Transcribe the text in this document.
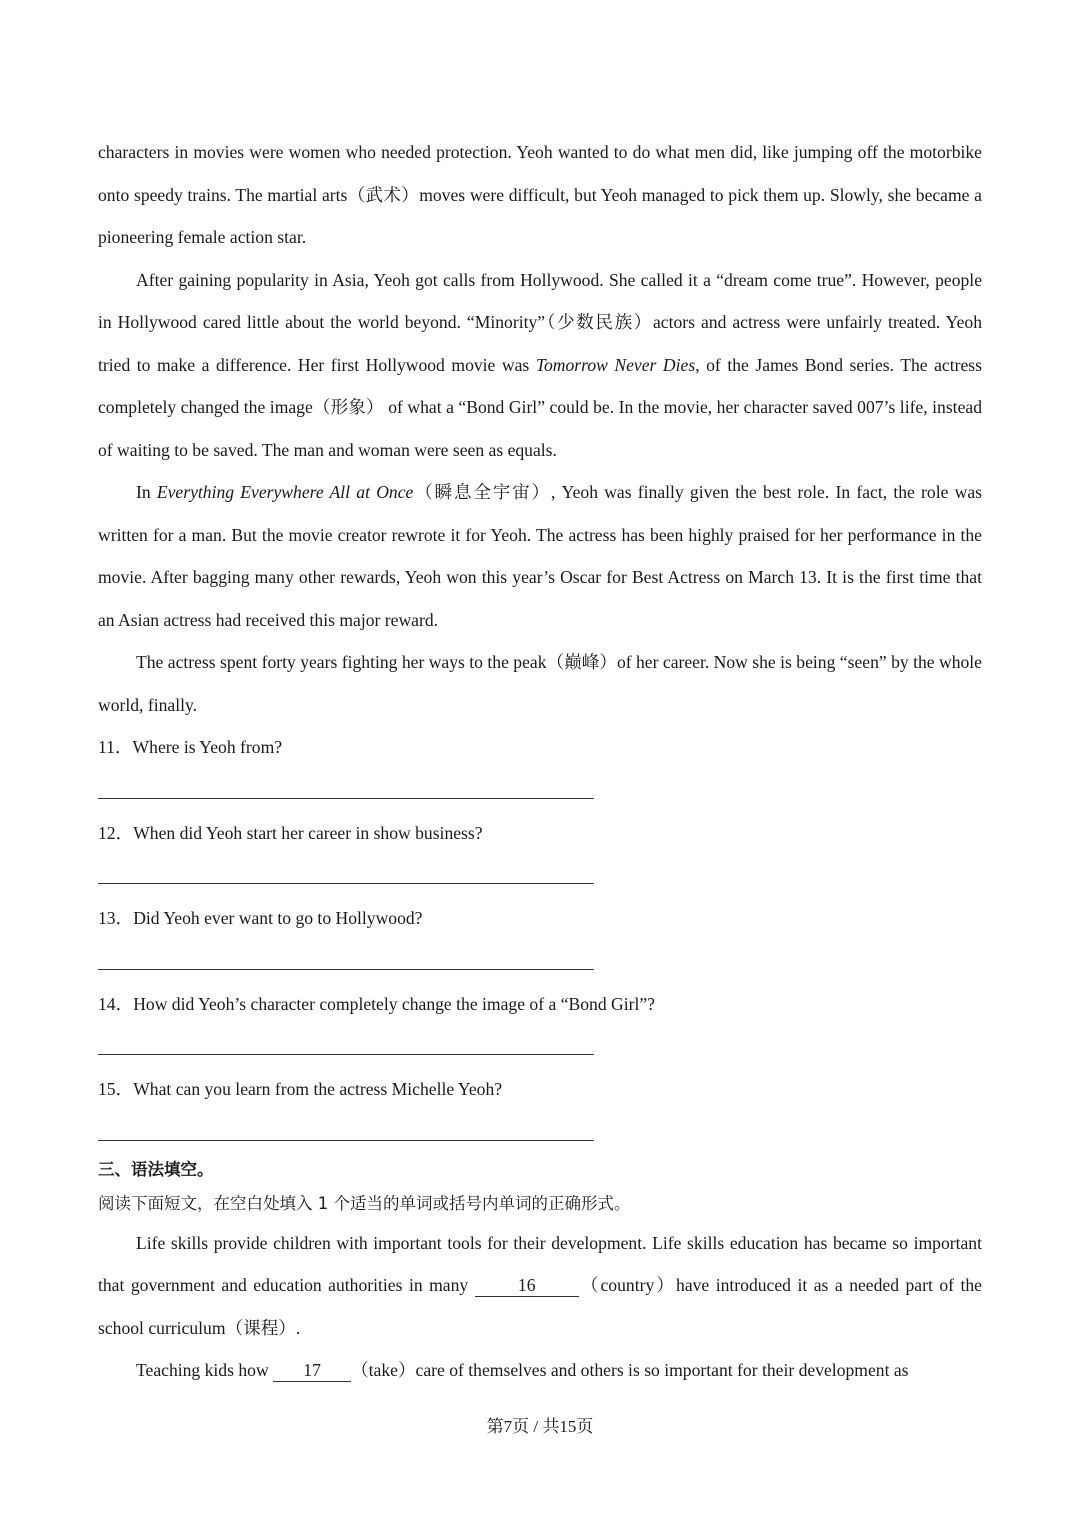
characters in movies were women who needed protection. Yeoh wanted to do what men did, like jumping off the motorbike onto speedy trains. The martial arts（武术）moves were difficult, but Yeoh managed to pick them up. Slowly, she became a pioneering female action star.

After gaining popularity in Asia, Yeoh got calls from Hollywood. She called it a “dream come true”. However, people in Hollywood cared little about the world beyond. “Minority”（少数民族）actors and actress were unfairly treated. Yeoh tried to make a difference. Her first Hollywood movie was Tomorrow Never Dies, of the James Bond series. The actress completely changed the image（形象） of what a “Bond Girl” could be. In the movie, her character saved 007’s life, instead of waiting to be saved. The man and woman were seen as equals.

In Everything Everywhere All at Once（瞬息全宇宙）, Yeoh was finally given the best role. In fact, the role was written for a man. But the movie creator rewrote it for Yeoh. The actress has been highly praised for her performance in the movie. After bagging many other rewards, Yeoh won this year’s Oscar for Best Actress on March 13. It is the first time that an Asian actress had received this major reward.

The actress spent forty years fighting her ways to the peak（巅峰）of her career. Now she is being “seen” by the whole world, finally.

11．Where is Yeoh from?

12．When did Yeoh start her career in show business?

13．Did Yeoh ever want to go to Hollywood?

14．How did Yeoh’s character completely change the image of a “Bond Girl”?

15．What can you learn from the actress Michelle Yeoh?

三、语法填空。

阅读下面短文，在空白处填入 1 个适当的单词或括号内单词的正确形式。

Life skills provide children with important tools for their development. Life skills education has became so important that government and education authorities in many 16 （country）have introduced it as a needed part of the school curriculum（课程）.

Teaching kids how 17 （take）care of themselves and others is so important for their development as

第7页 / 共15页
